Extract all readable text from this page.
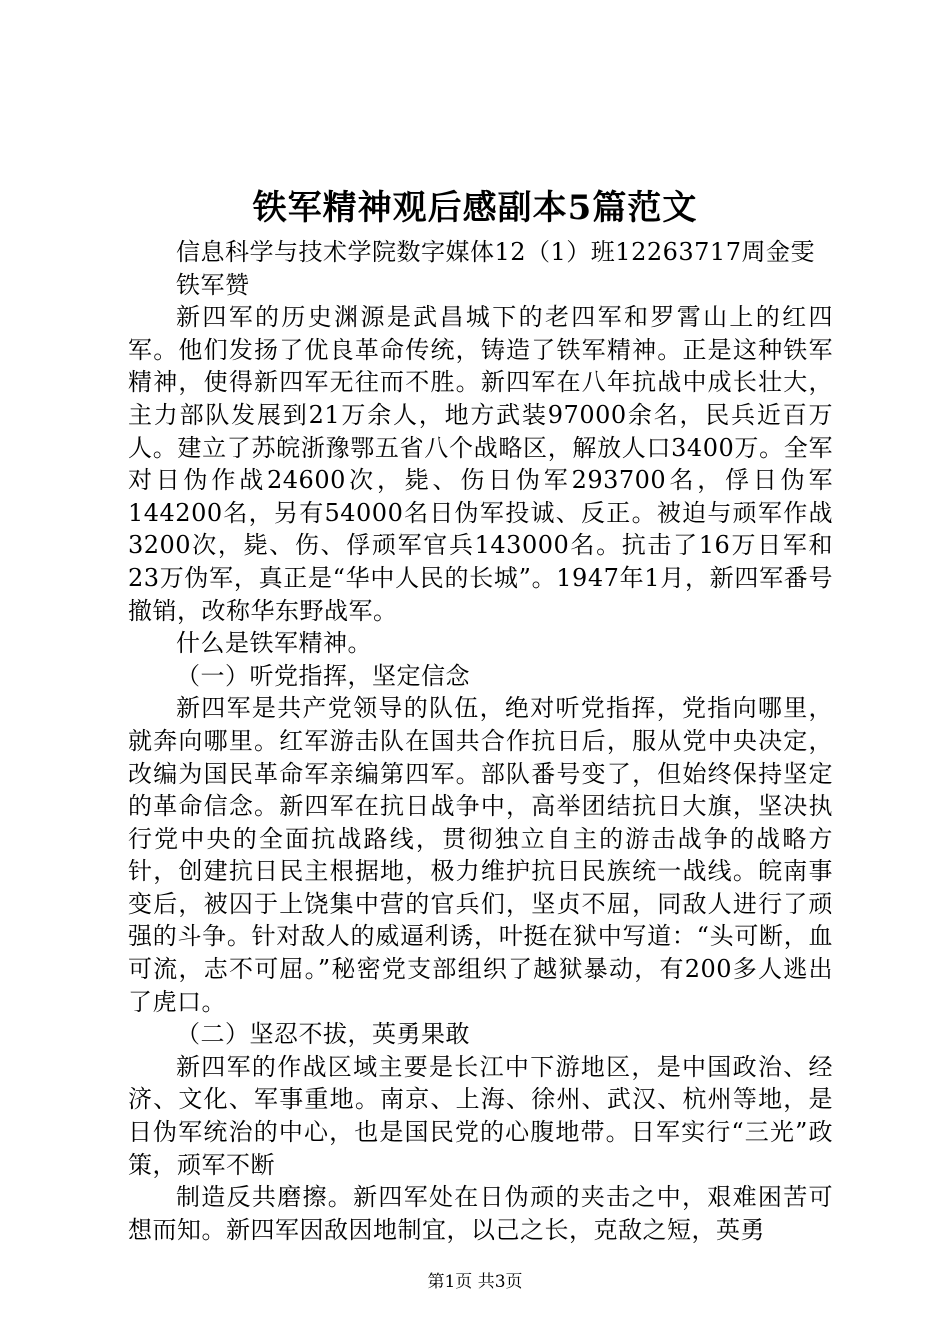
铁军精神观后感副本5篇范文

信息科学与技术学院数字媒体12（1）班12263717周金雯

铁军赞

新四军的历史渊源是武昌城下的老四军和罗霄山上的红四军。他们发扬了优良革命传统，铸造了铁军精神。正是这种铁军精神，使得新四军无往而不胜。新四军在八年抗战中成长壮大，主力部队发展到21万余人，地方武装97000余名，民兵近百万人。建立了苏皖浙豫鄂五省八个战略区，解放人口3400万。全军对日伪作战24600次，毙、伤日伪军293700名，俘日伪军144200名，另有54000名日伪军投诚、反正。被迫与顽军作战3200次，毙、伤、俘顽军官兵143000名。抗击了16万日军和23万伪军，真正是“华中人民的长城”。1947年1月，新四军番号撤销，改称华东野战军。

什么是铁军精神。

（一）听党指挥，坚定信念

新四军是共产党领导的队伍，绝对听党指挥，党指向哪里，就奔向哪里。红军游击队在国共合作抗日后，服从党中央决定，改编为国民革命军亲编第四军。部队番号变了，但始终保持坚定的革命信念。新四军在抗日战争中，高举团结抗日大旗，坚决执行党中央的全面抗战路线，贯彻独立自主的游击战争的战略方针，创建抗日民主根据地，极力维护抗日民族统一战线。皖南事变后，被囚于上饶集中营的官兵们，坚贞不屈，同敌人进行了顽强的斗争。针对敌人的威逼利诱，叶挺在狱中写道：“头可断，血可流，志不可屈。”秘密党支部组织了越狱暴动，有200多人逃出了虎口。

（二）坚忍不拔，英勇果敢

新四军的作战区域主要是长江中下游地区，是中国政治、经济、文化、军事重地。南京、上海、徐州、武汉、杭州等地，是日伪军统治的中心，也是国民党的心腹地带。日军实行“三光”政策，顽军不断

制造反共磨擦。新四军处在日伪顽的夹击之中，艰难困苦可想而知。新四军因敌因地制宜，以己之长，克敌之短，英勇

第1页 共3页
